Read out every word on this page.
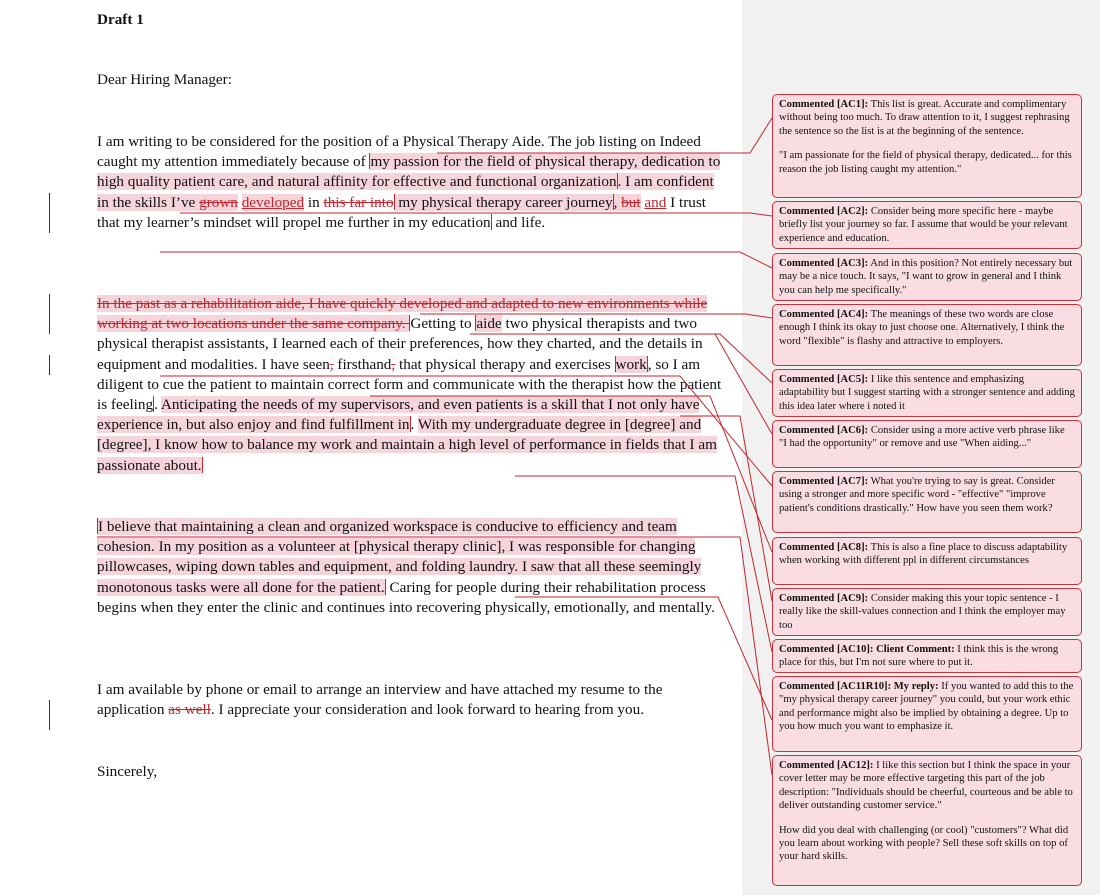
Draft 1
Dear Hiring Manager:
I am writing to be considered for the position of a Physical Therapy Aide. The job listing on Indeed caught my attention immediately because of my passion for the field of physical therapy, dedication to high quality patient care, and natural affinity for effective and functional organization. I am confident in the skills I’ve grown developed in this far into my physical therapy career journey, but and I trust that my learner’s mindset will propel me further in my education and life.
In the past as a rehabilitation aide, I have quickly developed and adapted to new environments while working at two locations under the same company. Getting to aide two physical therapists and two physical therapist assistants, I learned each of their preferences, how they charted, and the details in equipment and modalities. I have seen, firsthand, that physical therapy and exercises work, so I am diligent to cue the patient to maintain correct form and communicate with the therapist how the patient is feeling. Anticipating the needs of my supervisors, and even patients is a skill that I not only have experience in, but also enjoy and find fulfillment in. With my undergraduate degree in [degree] and [degree], I know how to balance my work and maintain a high level of performance in fields that I am passionate about.
I believe that maintaining a clean and organized workspace is conducive to efficiency and team cohesion. In my position as a volunteer at [physical therapy clinic], I was responsible for changing pillowcases, wiping down tables and equipment, and folding laundry. I saw that all these seemingly monotonous tasks were all done for the patient. Caring for people during their rehabilitation process begins when they enter the clinic and continues into recovering physically, emotionally, and mentally.
I am available by phone or email to arrange an interview and have attached my resume to the application as well. I appreciate your consideration and look forward to hearing from you.
Sincerely,

Commented [AC1]: This list is great. Accurate and complimentary without being too much. To draw attention to it, I suggest rephrasing the sentence so the list is at the beginning of the sentence.

"I am passionate for the field of physical therapy, dedicated... for this reason the job listing caught my attention."

Commented [AC2]: Consider being more specific here - maybe briefly list your journey so far. I assume that would be your relevant experience and education.

Commented [AC3]: And in this position? Not entirely necessary but may be a nice touch. It says, "I want to grow in general and I think you can help me specifically."

Commented [AC4]: The meanings of these two words are close enough I think its okay to just choose one. Alternatively, I think the word "flexible" is flashy and attractive to employers.

Commented [AC5]: I like this sentence and emphasizing adaptability but I suggest starting with a stronger sentence and adding this idea later where i noted it

Commented [AC6]: Consider using a more active verb phrase like "I had the opportunity" or remove and use "When aiding..."

Commented [AC7]: What you're trying to say is great. Consider using a stronger and more specific word - "effective" "improve patient's conditions drastically." How have you seen them work?

Commented [AC8]: This is also a fine place to discuss adaptability when working with different ppl in different circumstances

Commented [AC9]: Consider making this your topic sentence - I really like the skill-values connection and I think the employer may too

Commented [AC10]: Client Comment: I think this is the wrong place for this, but I'm not sure where to put it.

Commented [AC11R10]: My reply: If you wanted to add this to the "my physical therapy career journey" you could, but your work ethic and performance might also be implied by obtaining a degree. Up to you how much you want to emphasize it.

Commented [AC12]: I like this section but I think the space in your cover letter may be more effective targeting this part of the job description: "Individuals should be cheerful, courteous and be able to deliver outstanding customer service."

How did you deal with challenging (or cool) "customers"? What did you learn about working with people? Sell these soft skills on top of your hard skills.
